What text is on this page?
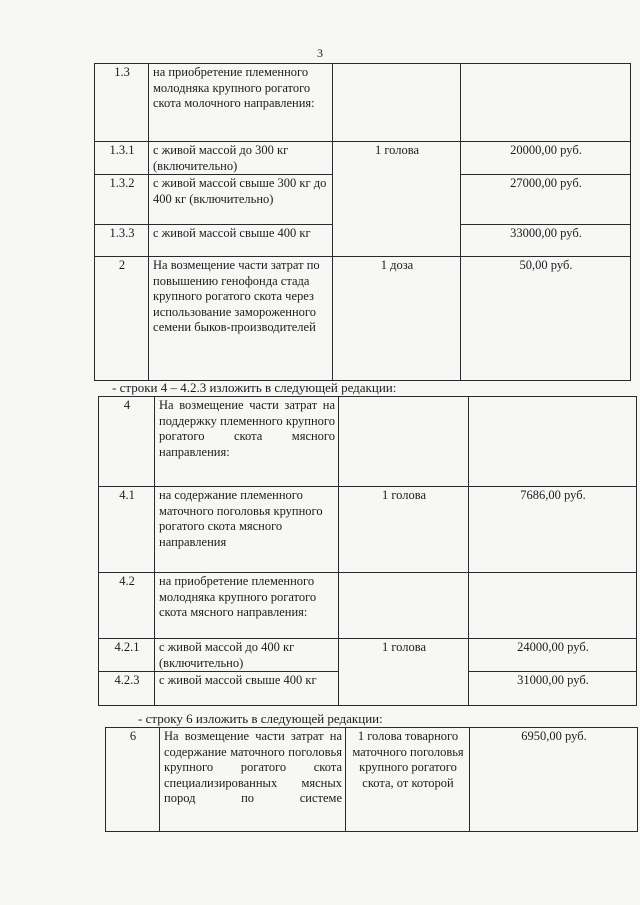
3
1.3	на приобретение племенного молодняка крупного рогатого скота молочного направления:		
1.3.1	с живой массой до 300 кг (включительно)	1 голова	20000,00 руб.
1.3.2	с живой массой свыше 300 кг до 400 кг (включительно)		27000,00 руб.
1.3.3	с живой массой свыше 400 кг		33000,00 руб.
2	На возмещение части затрат по повышению генофонда стада крупного рогатого скота через использование замороженного семени быков-производителей	1 доза	50,00 руб.
- строки 4 – 4.2.3 изложить в следующей редакции:
4	На возмещение части затрат на поддержку племенного крупного рогатого скота мясного направления:		
4.1	на содержание племенного маточного поголовья крупного рогатого скота мясного направления	1 голова	7686,00 руб.
4.2	на приобретение племенного молодняка крупного рогатого скота мясного направления:		
4.2.1	с живой массой до 400 кг (включительно)	1 голова	24000,00 руб.
4.2.3	с живой массой свыше 400 кг		31000,00 руб.
- строку 6 изложить в следующей редакции:
6	На возмещение части затрат на содержание маточного поголовья крупного рогатого скота специализированных мясных пород по системе	1 голова товарного маточного поголовья крупного рогатого скота, от которой	6950,00 руб.
